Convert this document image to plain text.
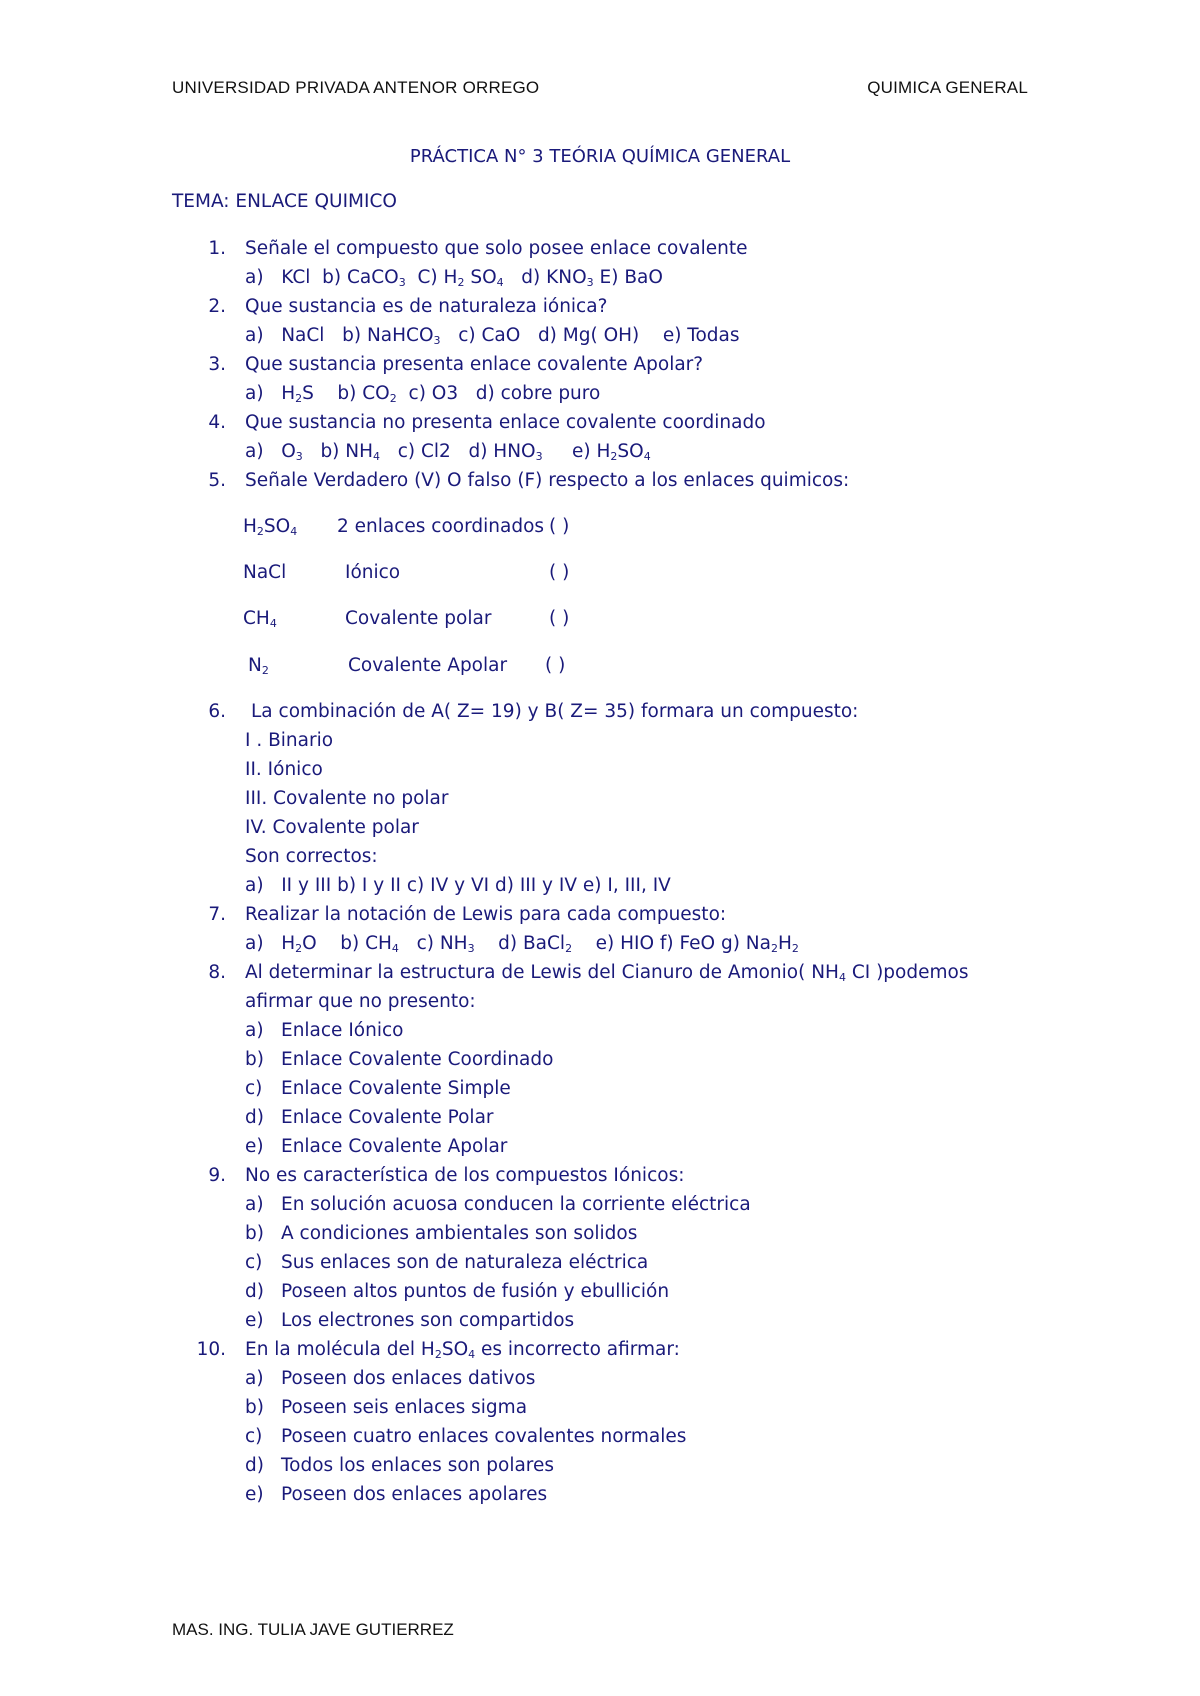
UNIVERSIDAD PRIVADA ANTENOR ORREGO	QUIMICA GENERAL
PRÁCTICA N° 3 TEÓRIA QUÍMICA GENERAL
TEMA: ENLACE QUIMICO
1. Señale el compuesto que solo posee enlace covalente
a) KCl b) CaCO$_3$ C) $H_2$ $SO_4$ d) $KNO_3$ E) BaO
2. Que sustancia es de naturaleza iónica?
a) NaCl b) NaHCO$_3$ c) CaO d) Mg( OH) e) Todas
3. Que sustancia presenta enlace covalente Apolar?
a) $H_2S$ b) $CO_2$  c) O3 d) cobre puro
4. Que sustancia no presenta enlace covalente coordinado
a) $O_3$ b) $NH_4$ c) Cl2 d) $HNO_3$ e) $H_2SO_4$
5. Señale Verdadero (V) O falso (F) respecto a los enlaces quimicos:
$H_2SO_4$ 2 enlaces coordinados ( )
NaCl	Iónico	( )
$CH_4$	Covalente polar	( )
$N_2$	Covalente Apolar ( )
6. La combinación de A( Z= 19) y B( Z= 35) formara un compuesto:
I . Binario
II. Iónico
III. Covalente no polar
IV. Covalente polar
Son correctos:
a) II y III b) I y II c) IV y VI d) III y IV e) I, III, IV
7. Realizar la notación de Lewis para cada compuesto:
a) $H_2O$ b) $CH_4$ c) $NH_3$ d) BaCl$_2$ e) HIO f) FeO g) $Na_2H_2$
8. Al determinar la estructura de Lewis del Cianuro de Amonio( $NH_4$ CI )podemos
afirmar que no presento:
a) Enlace Iónico
b) Enlace Covalente Coordinado
c) Enlace Covalente Simple
d) Enlace Covalente Polar
e) Enlace Covalente Apolar
9. No es característica de los compuestos Iónicos:
a) En solución acuosa conducen la corriente eléctrica
b) A condiciones ambientales son solidos
c) Sus enlaces son de naturaleza eléctrica
d) Poseen altos puntos de fusión y ebullición
e) Los electrones son compartidos
10. En la molécula del $H_2SO_4$ es incorrecto afirmar:
a) Poseen dos enlaces dativos
b) Poseen seis enlaces sigma
c) Poseen cuatro enlaces covalentes normales
d) Todos los enlaces son polares
e) Poseen dos enlaces apolares
MAS. ING. TULIA JAVE GUTIERREZ
